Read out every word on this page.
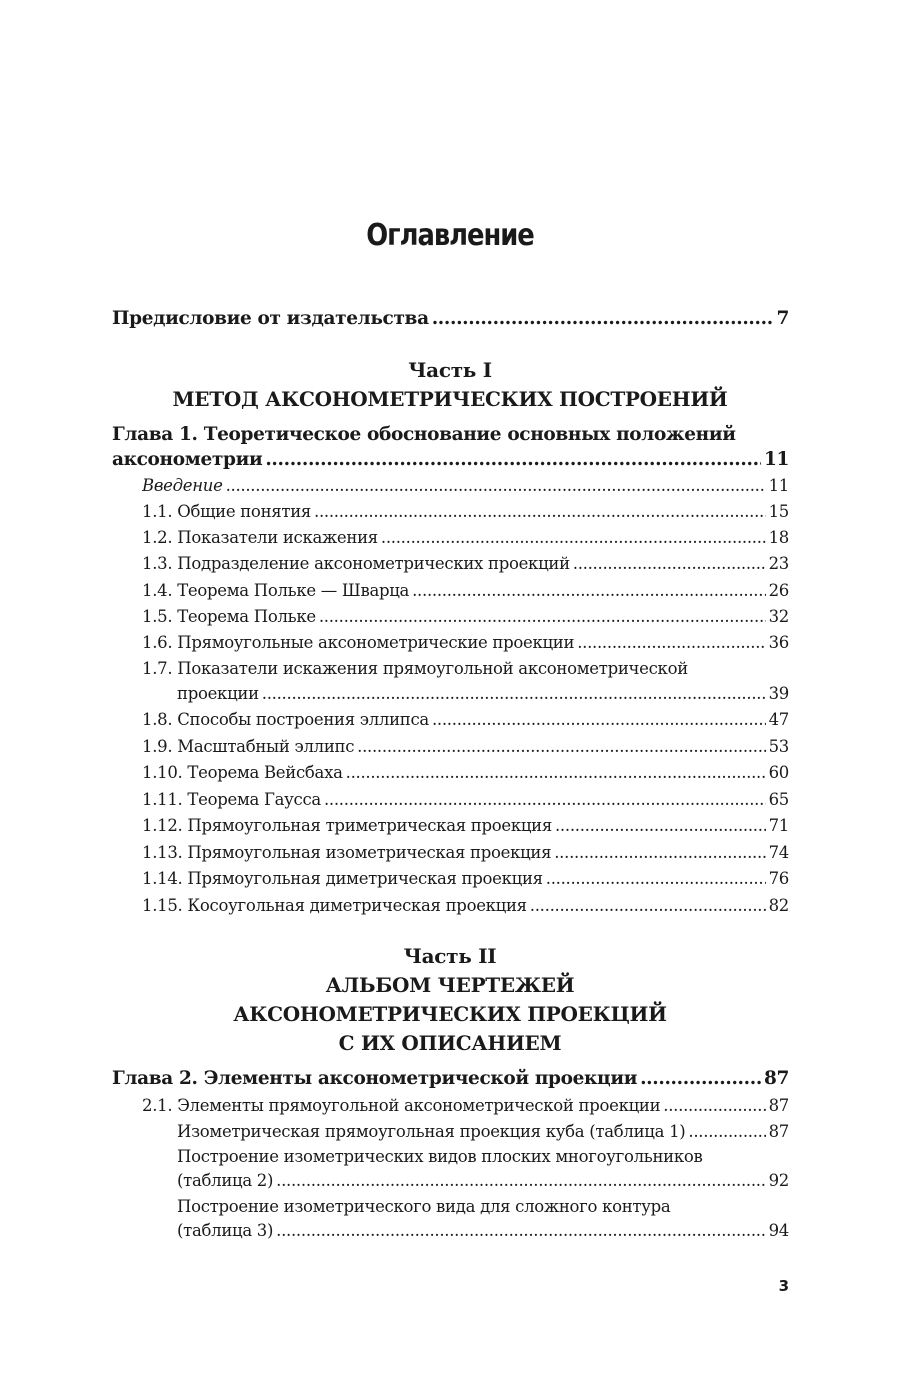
Оглавление
Предисловие от издательства .....	7
Часть I
МЕТОД АКСОНОМЕТРИЧЕСКИХ ПОСТРОЕНИЙ
Глава 1. Теоретическое обоснование основных положений
аксонометрии .....	11
Введение .....	11
1.1. Общие понятия .....	15
1.2. Показатели искажения .....	18
1.3. Подразделение аксонометрических проекций .....	23
1.4. Теорема Польке — Шварца .....	26
1.5. Теорема Польке .....	32
1.6. Прямоугольные аксонометрические проекции .....	36
1.7. Показатели искажения прямоугольной аксонометрической
проекции .....	39
1.8. Способы построения эллипса .....	47
1.9. Масштабный эллипс .....	53
1.10. Теорема Вейсбаха .....	60
1.11. Теорема Гаусса .....	65
1.12. Прямоугольная триметрическая проекция .....	71
1.13. Прямоугольная изометрическая проекция .....	74
1.14. Прямоугольная диметрическая проекция .....	76
1.15. Косоугольная диметрическая проекция .....	82
Часть II
АЛЬБОМ ЧЕРТЕЖЕЙ
АКСОНОМЕТРИЧЕСКИХ ПРОЕКЦИЙ
С ИХ ОПИСАНИЕМ
Глава 2. Элементы аксонометрической проекции .....	87
2.1. Элементы прямоугольной аксонометрической проекции .....	87
Изометрическая прямоугольная проекция куба (таблица 1) .....	87
Построение изометрических видов плоских многоугольников
(таблица 2) .....	92
Построение изометрического вида для сложного контура
(таблица 3) .....	94
3
